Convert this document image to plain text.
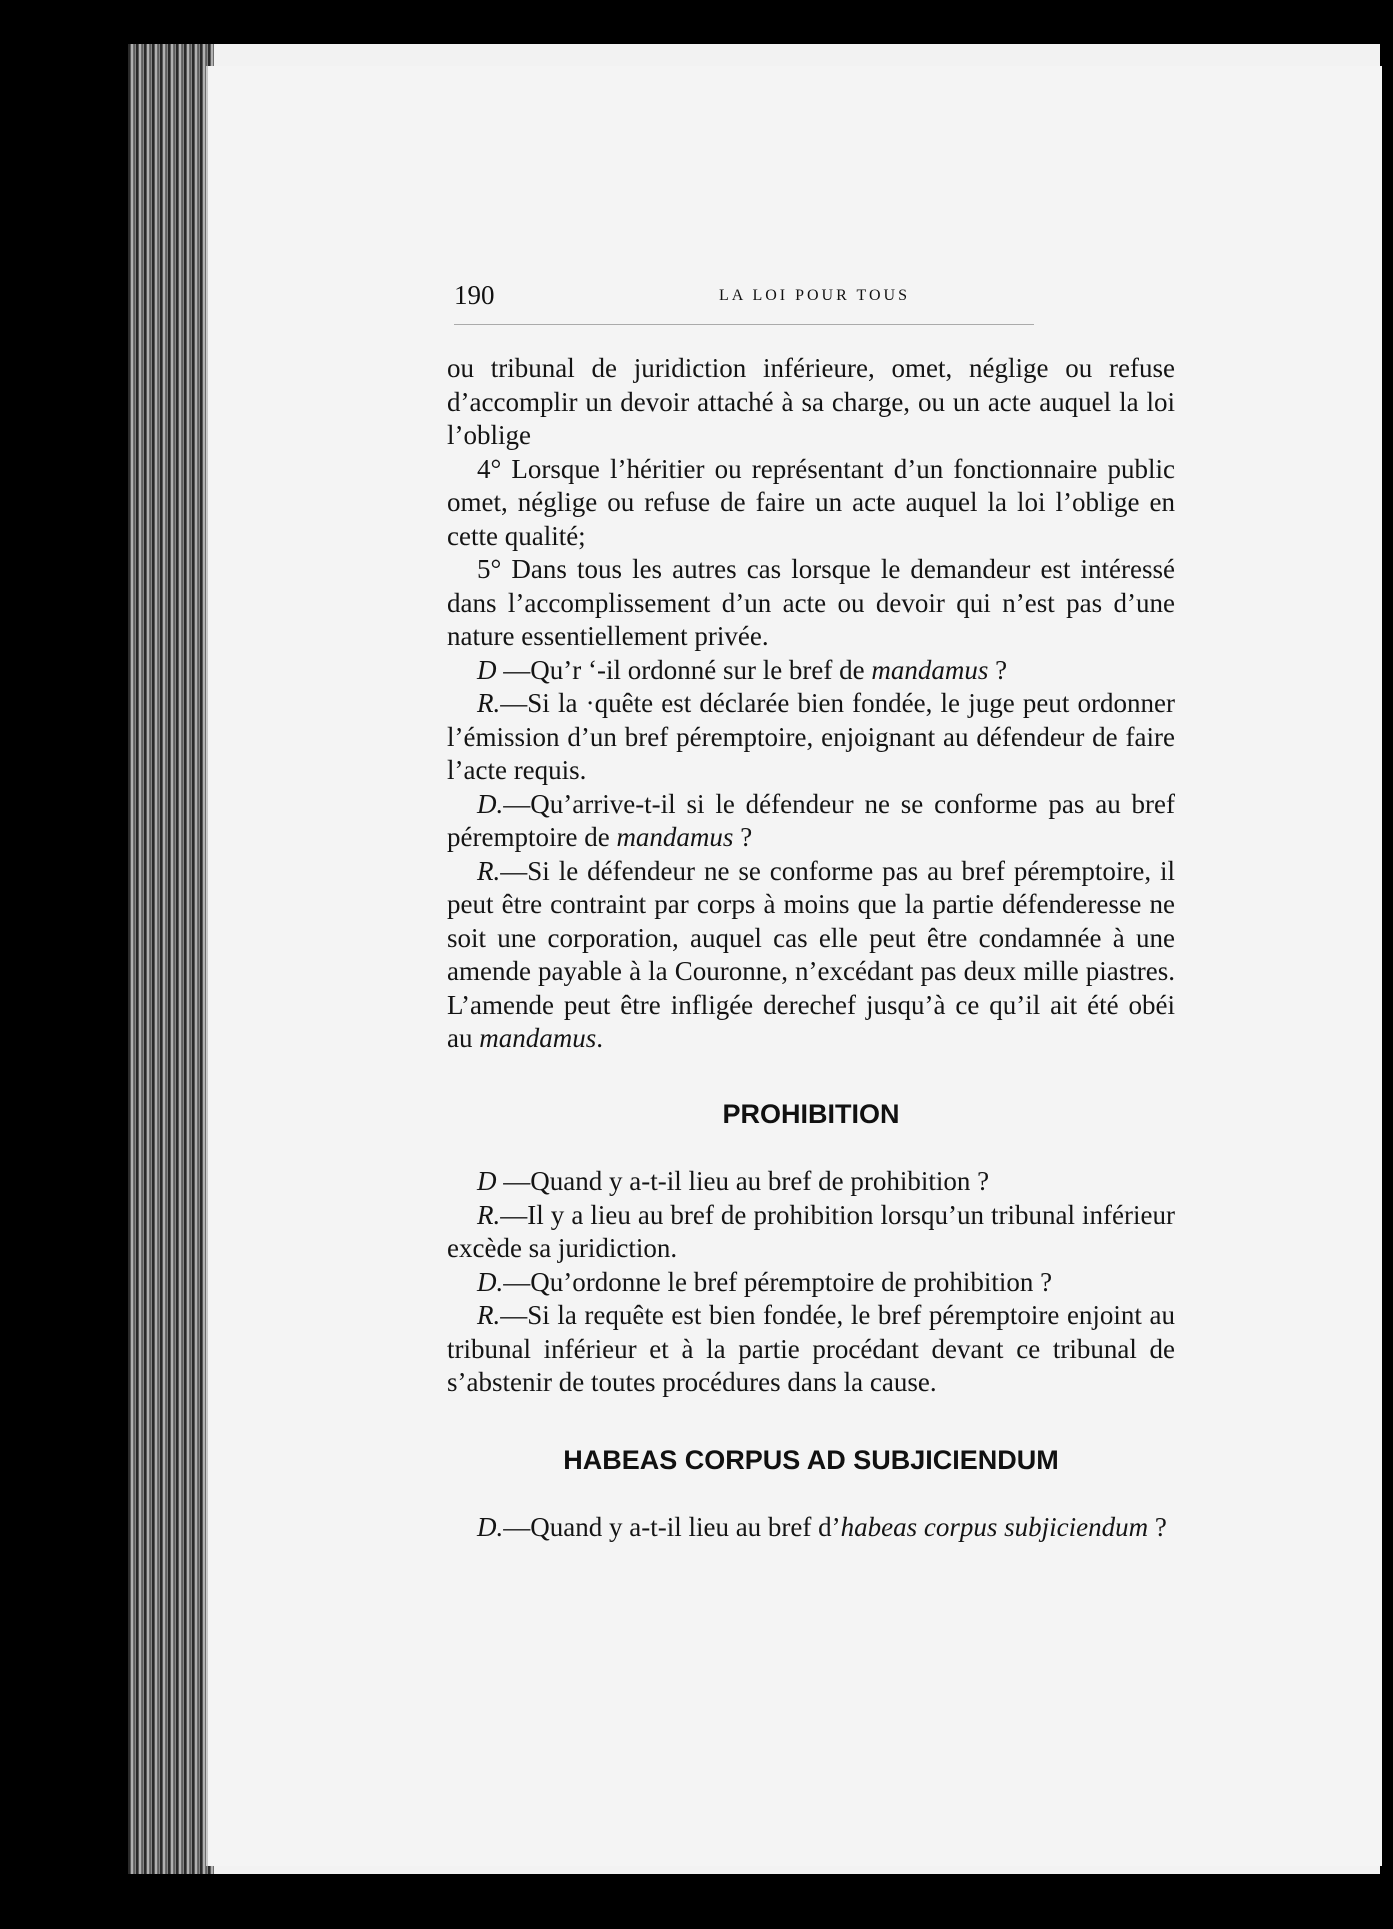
190	LA LOI POUR TOUS

ou tribunal de juridiction inférieure, omet, néglige ou refuse d’accomplir un devoir attaché à sa charge, ou un acte auquel la loi l’oblige

4° Lorsque l’héritier ou représentant d’un fonctionnaire public omet, néglige ou refuse de faire un acte auquel la loi l’oblige en cette qualité;

5° Dans tous les autres cas lorsque le demandeur est intéressé dans l’accomplissement d’un acte ou devoir qui n’est pas d’une nature essentiellement privée.

D —Qu’r ‘-il ordonné sur le bref de mandamus ?

R.—Si la ·quête est déclarée bien fondée, le juge peut ordonner l’émission d’un bref péremptoire, enjoignant au défendeur de faire l’acte requis.

D.—Qu’arrive-t-il si le défendeur ne se conforme pas au bref péremptoire de mandamus ?

R.—Si le défendeur ne se conforme pas au bref péremptoire, il peut être contraint par corps à moins que la partie défenderesse ne soit une corporation, auquel cas elle peut être condamnée à une amende payable à la Couronne, n’excédant pas deux mille piastres. L’amende peut être infligée derechef jusqu’à ce qu’il ait été obéi au mandamus.

PROHIBITION

D —Quand y a-t-il lieu au bref de prohibition ?

R.—Il y a lieu au bref de prohibition lorsqu’un tribunal inférieur excède sa juridiction.

D.—Qu’ordonne le bref péremptoire de prohibition ?

R.—Si la requête est bien fondée, le bref péremptoire enjoint au tribunal inférieur et à la partie procédant devant ce tribunal de s’abstenir de toutes procédures dans la cause.

HABEAS CORPUS AD SUBJICIENDUM

D.—Quand y a-t-il lieu au bref d’habeas corpus subjiciendum ?
